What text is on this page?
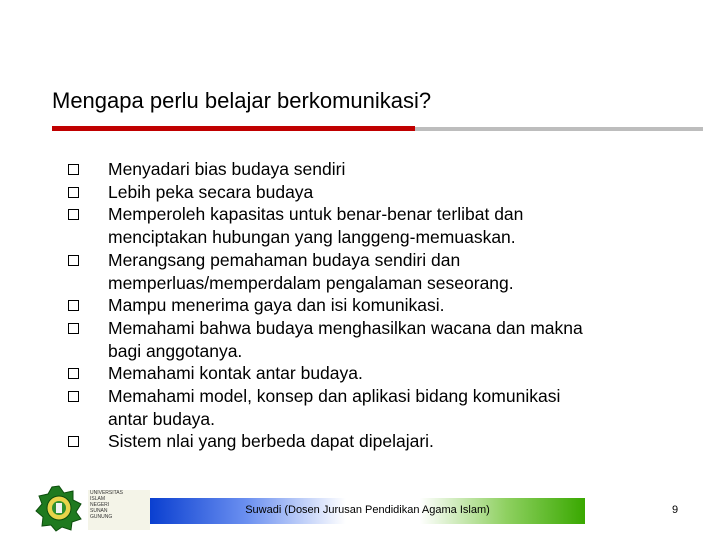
Mengapa perlu belajar berkomunikasi?
Menyadari bias budaya sendiri
Lebih peka secara budaya
Memperoleh kapasitas untuk benar-benar terlibat dan
menciptakan hubungan yang langgeng-memuaskan.
Merangsang pemahaman budaya sendiri dan
memperluas/memperdalam pengalaman seseorang.
Mampu menerima gaya dan isi komunikasi.
Memahami bahwa budaya menghasilkan wacana dan makna
bagi anggotanya.
Memahami kontak antar budaya.
Memahami model, konsep dan aplikasi bidang komunikasi
antar budaya.
Sistem nlai yang berbeda dapat dipelajari.
UNIVERSITAS
ISLAM
NEGERI
SUNAN
GUNUNG
Suwadi (Dosen Jurusan Pendidikan Agama Islam)	9
